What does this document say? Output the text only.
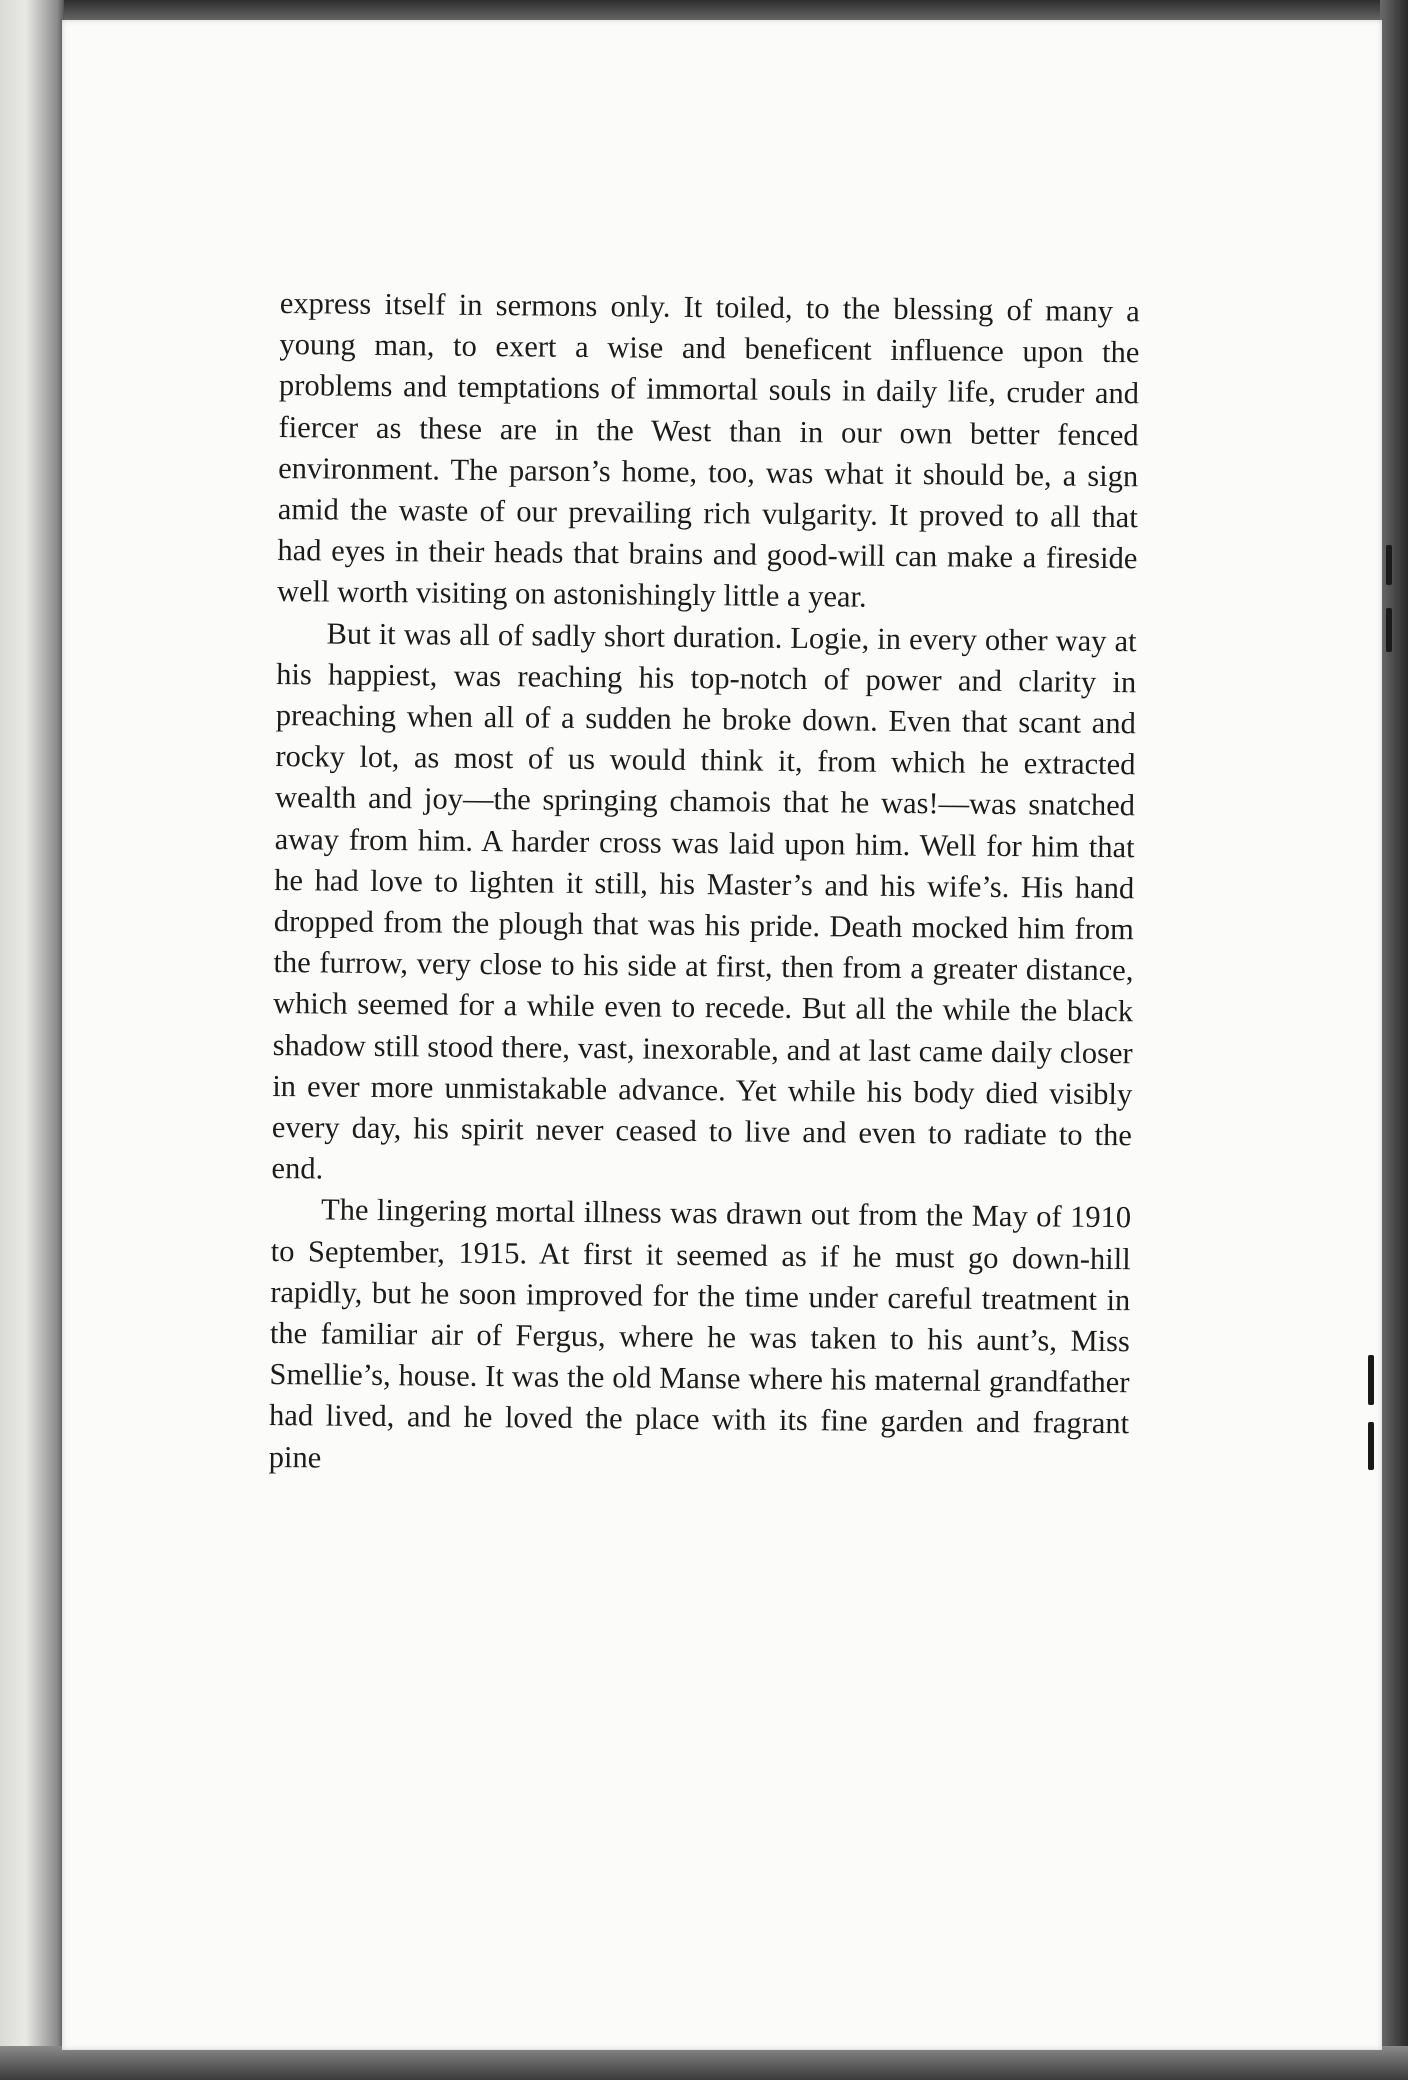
express itself in sermons only. It toiled, to the blessing of many a young man, to exert a wise and beneficent influence upon the problems and temptations of immortal souls in daily life, cruder and fiercer as these are in the West than in our own better fenced environment. The parson’s home, too, was what it should be, a sign amid the waste of our prevailing rich vulgarity. It proved to all that had eyes in their heads that brains and good-will can make a fireside well worth visiting on astonishingly little a year.

But it was all of sadly short duration. Logie, in every other way at his happiest, was reaching his top-notch of power and clarity in preaching when all of a sudden he broke down. Even that scant and rocky lot, as most of us would think it, from which he extracted wealth and joy—the springing chamois that he was!—was snatched away from him. A harder cross was laid upon him. Well for him that he had love to lighten it still, his Master’s and his wife’s. His hand dropped from the plough that was his pride. Death mocked him from the furrow, very close to his side at first, then from a greater distance, which seemed for a while even to recede. But all the while the black shadow still stood there, vast, inexorable, and at last came daily closer in ever more unmistakable advance. Yet while his body died visibly every day, his spirit never ceased to live and even to radiate to the end.

The lingering mortal illness was drawn out from the May of 1910 to September, 1915. At first it seemed as if he must go down-hill rapidly, but he soon improved for the time under careful treatment in the familiar air of Fergus, where he was taken to his aunt’s, Miss Smellie’s, house. It was the old Manse where his maternal grandfather had lived, and he loved the place with its fine garden and fragrant pine
